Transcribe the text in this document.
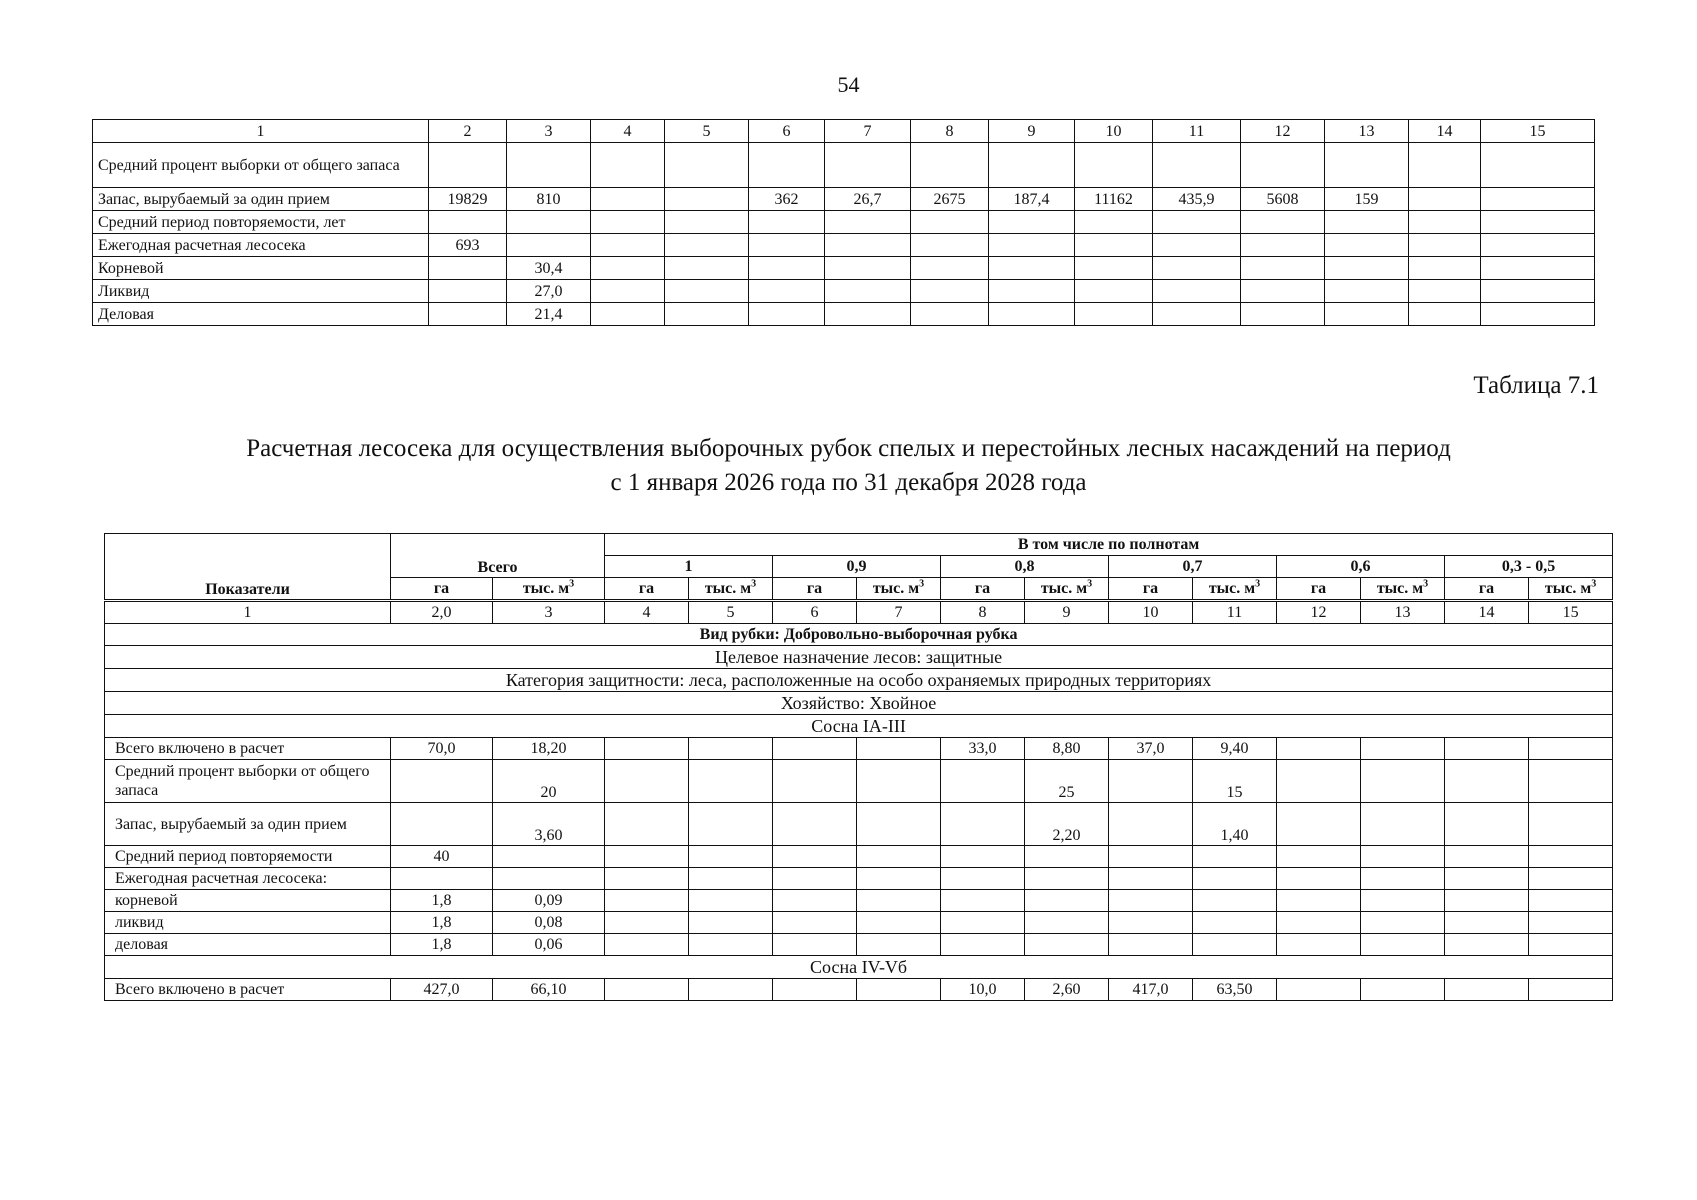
54
1	2	3	4	5	6	7	8	9	10	11	12	13	14	15
Средний процент выборки от общего запаса														
Запас, вырубаемый за один прием	19829	810			362	26,7	2675	187,4	11162	435,9	5608	159		
Средний период повторяемости, лет														
Ежегодная расчетная лесосека	693													
Корневой		30,4												
Ликвид		27,0												
Деловая		21,4												
Таблица 7.1
Расчетная лесосека для осуществления выборочных рубок спелых и перестойных лесных насаждений на период
с 1 января 2026 года по 31 декабря 2028 года
Показатели	Всего		В том числе по полнотам											
			1		0,9		0,8		0,7		0,6		0,3 - 0,5	
	га	тыс. $м^3$	га	тыс. $м^3$	га	тыс. $м^3$	га	тыс. $м^3$	га	тыс. $м^3$	га	тыс. $м^3$	га	тыс. $м^3$
1	2,0	3	4	5	6	7	8	9	10	11	12	13	14	15
Вид рубки: Добровольно-выборочная рубка														
Целевое назначение лесов: защитные														
Категория защитности: леса, расположенные на особо охраняемых природных территориях														
Хозяйство: Хвойное														
Сосна IA-III														
Всего включено в расчет	70,0	18,20					33,0	8,80	37,0	9,40				
Средний процент выборки от общего запаса		20						25		15				
Запас, вырубаемый за один прием		3,60						2,20		1,40				
Средний период повторяемости	40													
Ежегодная расчетная лесосека:														
корневой	1,8	0,09												
ликвид	1,8	0,08												
деловая	1,8	0,06												
Сосна IV-Vб														
Всего включено в расчет	427,0	66,10					10,0	2,60	417,0	63,50				
